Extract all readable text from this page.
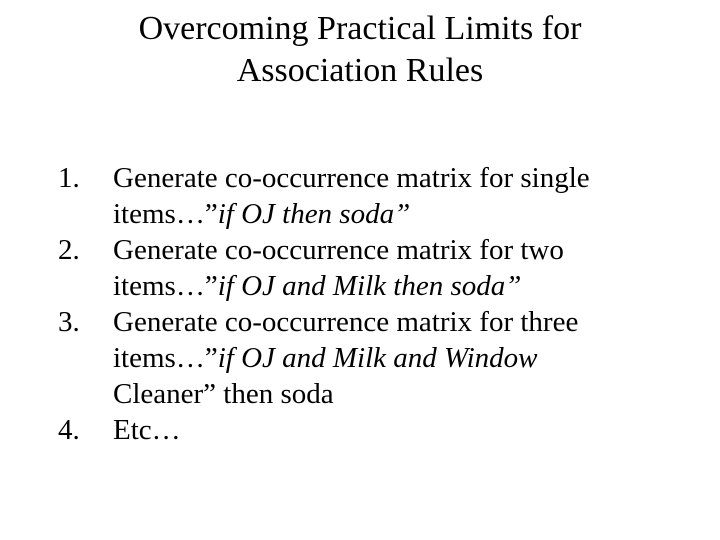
Overcoming Practical Limits for
Association Rules
1. Generate co-occurrence matrix for single
items…”if OJ then soda”
2. Generate co-occurrence matrix for two
items…”if OJ and Milk then soda”
3. Generate co-occurrence matrix for three
items…”if OJ and Milk and Window
Cleaner” then soda
4. Etc…
